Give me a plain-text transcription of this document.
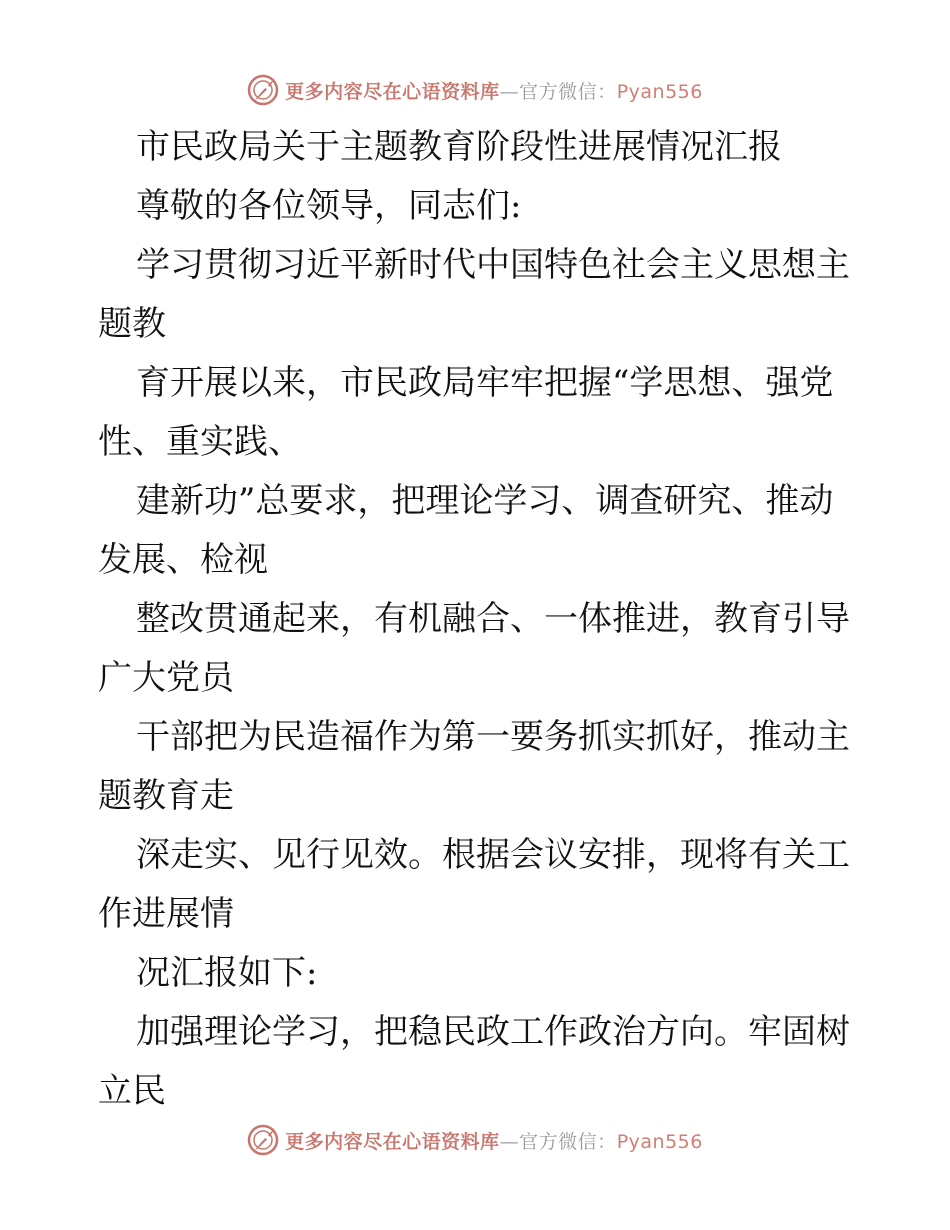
更多内容尽在心语资料库—官方微信：Pyan556
市民政局关于主题教育阶段性进展情况汇报
尊敬的各位领导，同志们:
学习贯彻习近平新时代中国特色社会主义思想主
题教
育开展以来，市民政局牢牢把握“学思想、强党
性、重实践、
建新功”总要求，把理论学习、调查研究、推动
发展、检视
整改贯通起来，有机融合、一体推进，教育引导
广大党员
干部把为民造福作为第一要务抓实抓好，推动主
题教育走
深走实、见行见效。根据会议安排，现将有关工
作进展情
况汇报如下:
加强理论学习，把稳民政工作政治方向。牢固树
立民
更多内容尽在心语资料库—官方微信：Pyan556
